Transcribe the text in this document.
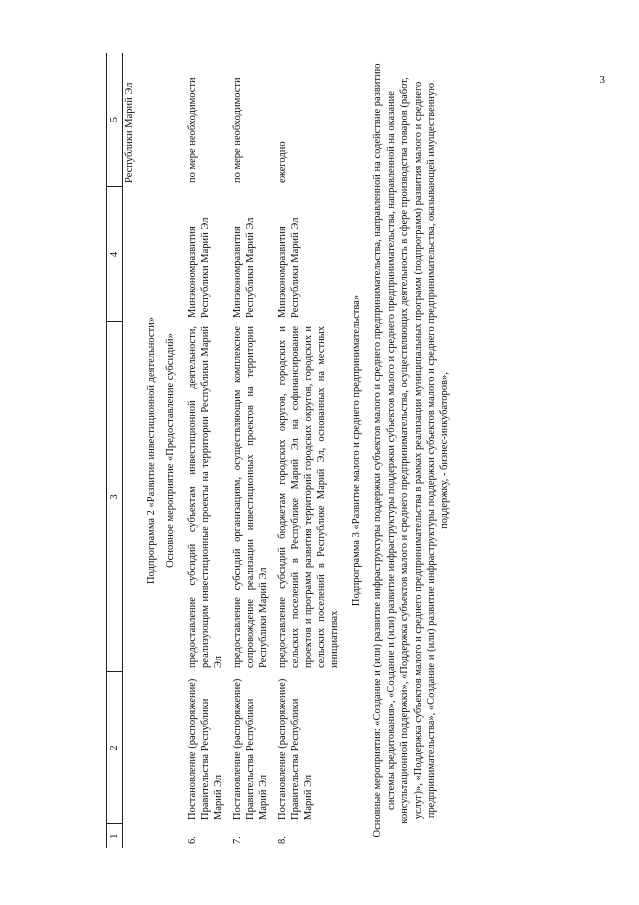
3
1	2	3	4	5
				Республики Марий Эл
Подпрограмма 2 «Развитие инвестиционной деятельности»				
Основное мероприятие «Предоставление субсидий»				
6.	Постановление (распоряжение) Правительства Республики Марий Эл	предоставление субсидий субъектам инвестиционной деятельности, реализующим инвестиционные проекты на территории Республики Марий Эл	Минэкономразвития Республики Марий Эл	по мере необходимости
7.	Постановление (распоряжение) Правительства Республики Марий Эл	предоставление субсидий организациям, осуществляющим комплексное сопровождение реализации инвестиционных проектов на территории Республики Марий Эл	Минэкономразвития Республики Марий Эл	по мере необходимости
8.	Постановление (распоряжение) Правительства Республики Марий Эл	предоставление субсидий бюджетам городских округов, городских и сельских поселений в Республике Марий Эл на софинансирование проектов и программ развития территорий городских округов, городских и сельских поселений в Республике Марий Эл, основанных на местных инициативах	Минэкономразвития Республики Марий Эл	ежегодно
Подпрограмма 3 «Развитие малого и среднего предпринимательства»				
Основные мероприятия: «Создание и (или) развитие инфраструктуры поддержки субъектов малого и среднего предпринимательства, направленной на содействие развитию системы кредитования», «Создание и (или) развитие инфраструктуры поддержки субъектов малого и среднего предпринимательства, направленной на оказание консультационной поддержки», «Поддержка субъектов малого и среднего предпринимательства, осуществляющих деятельность в сфере производства товаров (работ, услуг)», «Поддержка субъектов малого и среднего предпринимательства в рамках реализации муниципальных программ (подпрограмм) развития малого и среднего предпринимательства», «Создание и (или) развитие инфраструктуры поддержки субъектов малого и среднего предпринимательства, оказывающей имущественную поддержку, - бизнес-инкубаторов»,				
